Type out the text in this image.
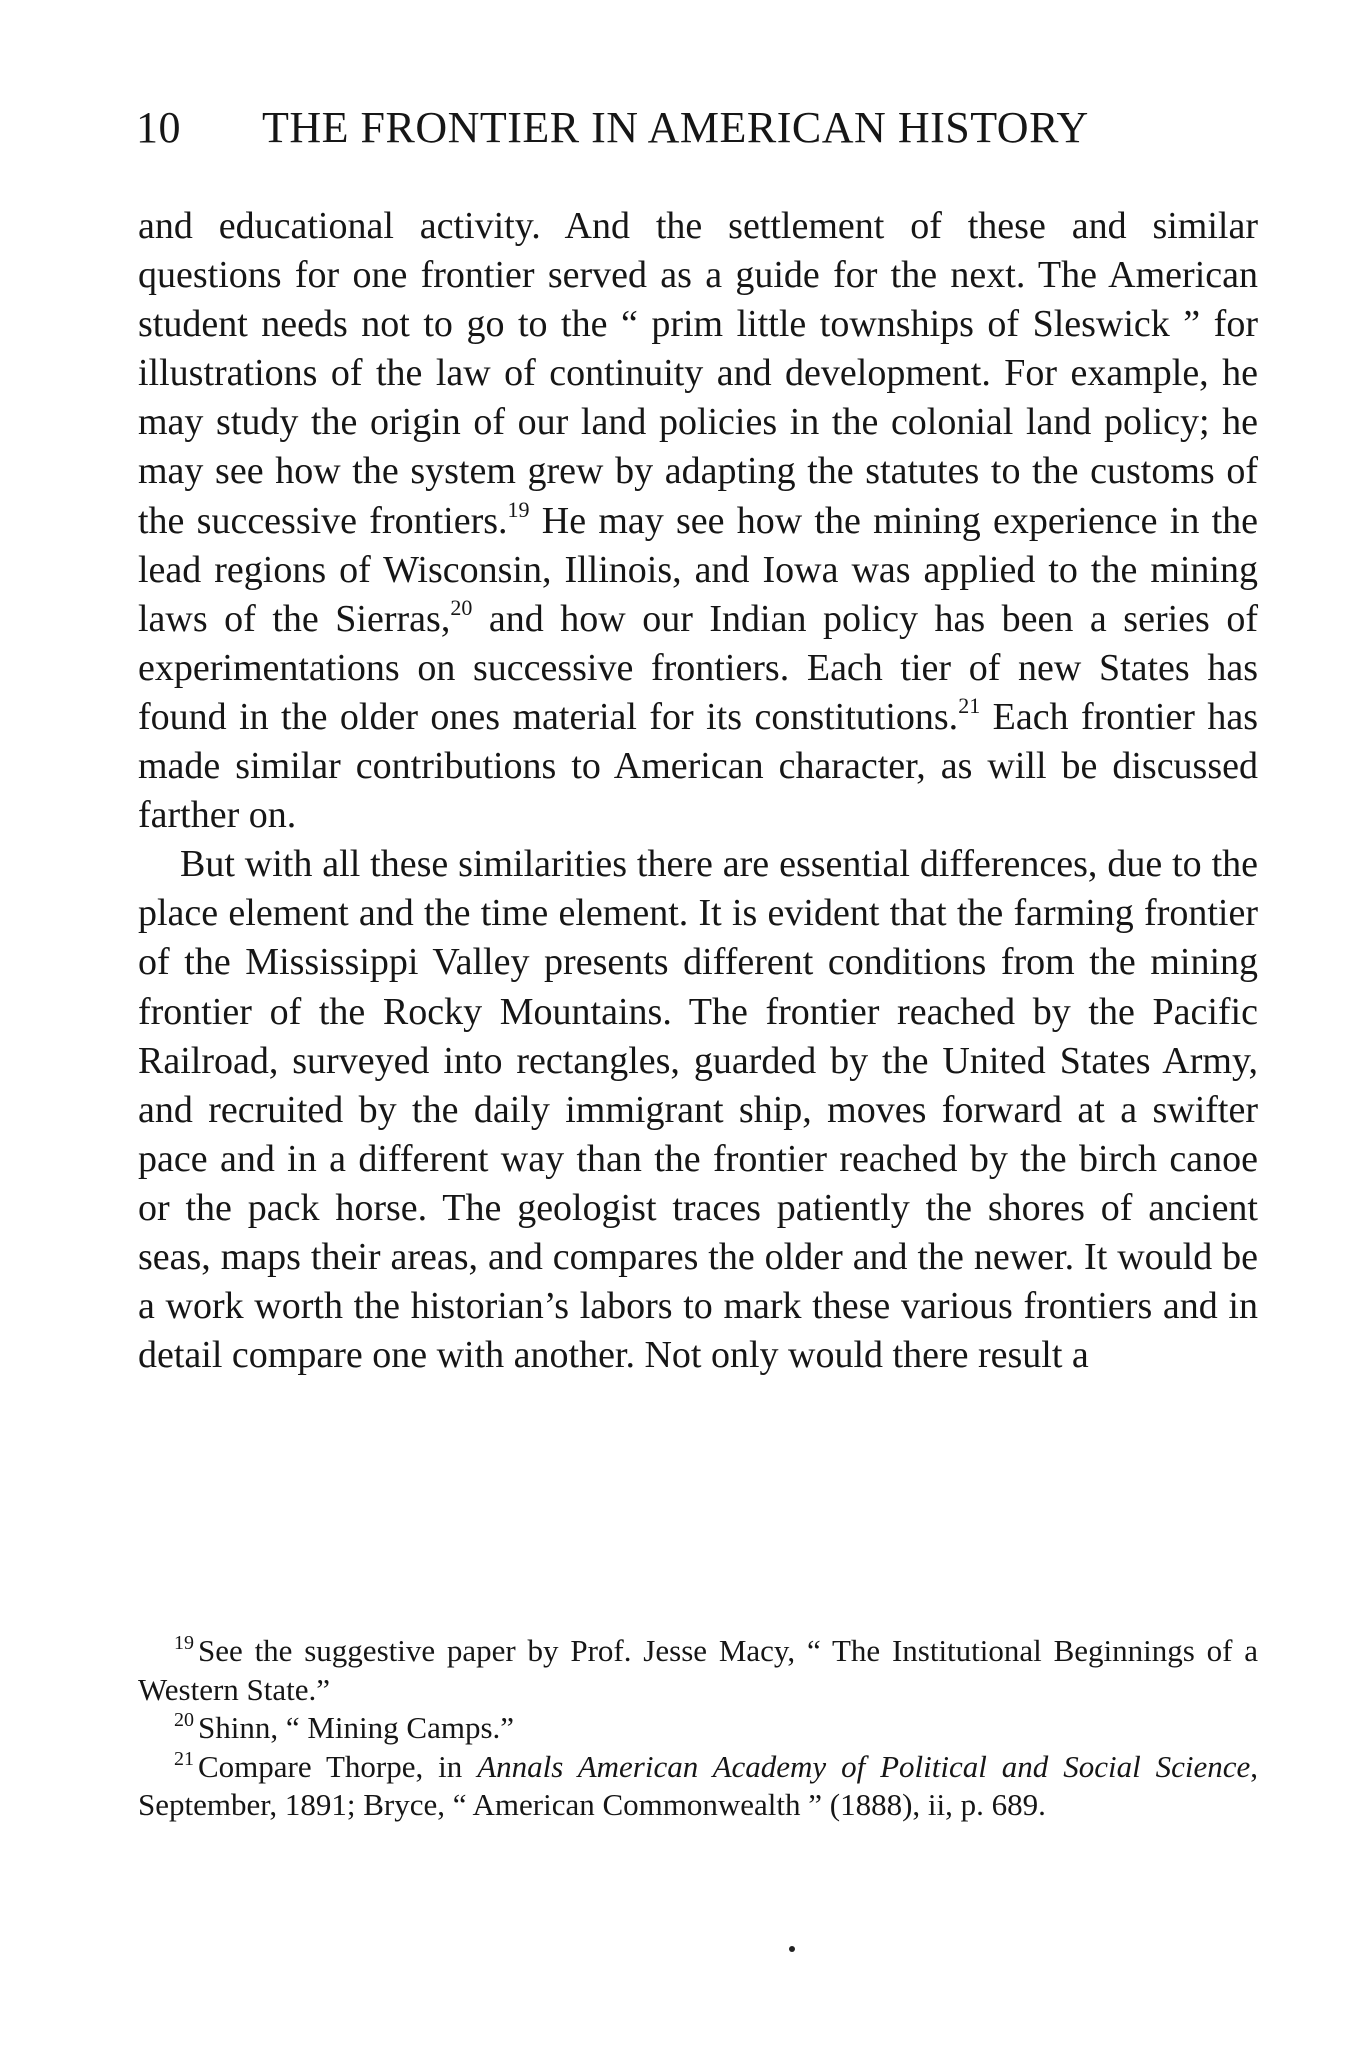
10 THE FRONTIER IN AMERICAN HISTORY

and educational activity. And the settlement of these and similar questions for one frontier served as a guide for the next. The American student needs not to go to the “ prim little townships of Sleswick ” for illustrations of the law of continuity and development. For example, he may study the origin of our land policies in the colonial land policy; he may see how the system grew by adapting the statutes to the customs of the successive frontiers.$^{19}$ He may see how the mining experience in the lead regions of Wisconsin, Illinois, and Iowa was applied to the mining laws of the Sierras,$^{20}$ and how our Indian policy has been a series of experimentations on successive frontiers. Each tier of new States has found in the older ones material for its constitutions.$^{21}$ Each frontier has made similar contributions to American character, as will be discussed farther on.

But with all these similarities there are essential differences, due to the place element and the time element. It is evident that the farming frontier of the Mississippi Valley presents different conditions from the mining frontier of the Rocky Mountains. The frontier reached by the Pacific Railroad, surveyed into rectangles, guarded by the United States Army, and recruited by the daily immigrant ship, moves forward at a swifter pace and in a different way than the frontier reached by the birch canoe or the pack horse. The geologist traces patiently the shores of ancient seas, maps their areas, and compares the older and the newer. It would be a work worth the historian’s labors to mark these various frontiers and in detail compare one with another. Not only would there result a

$^{19}$ See the suggestive paper by Prof. Jesse Macy, “ The Institutional Beginnings of a Western State.”

$^{20}$ Shinn, “ Mining Camps.”

$^{21}$ Compare Thorpe, in Annals American Academy of Political and Social Science, September, 1891; Bryce, “ American Commonwealth ” (1888), ii, p. 689.
